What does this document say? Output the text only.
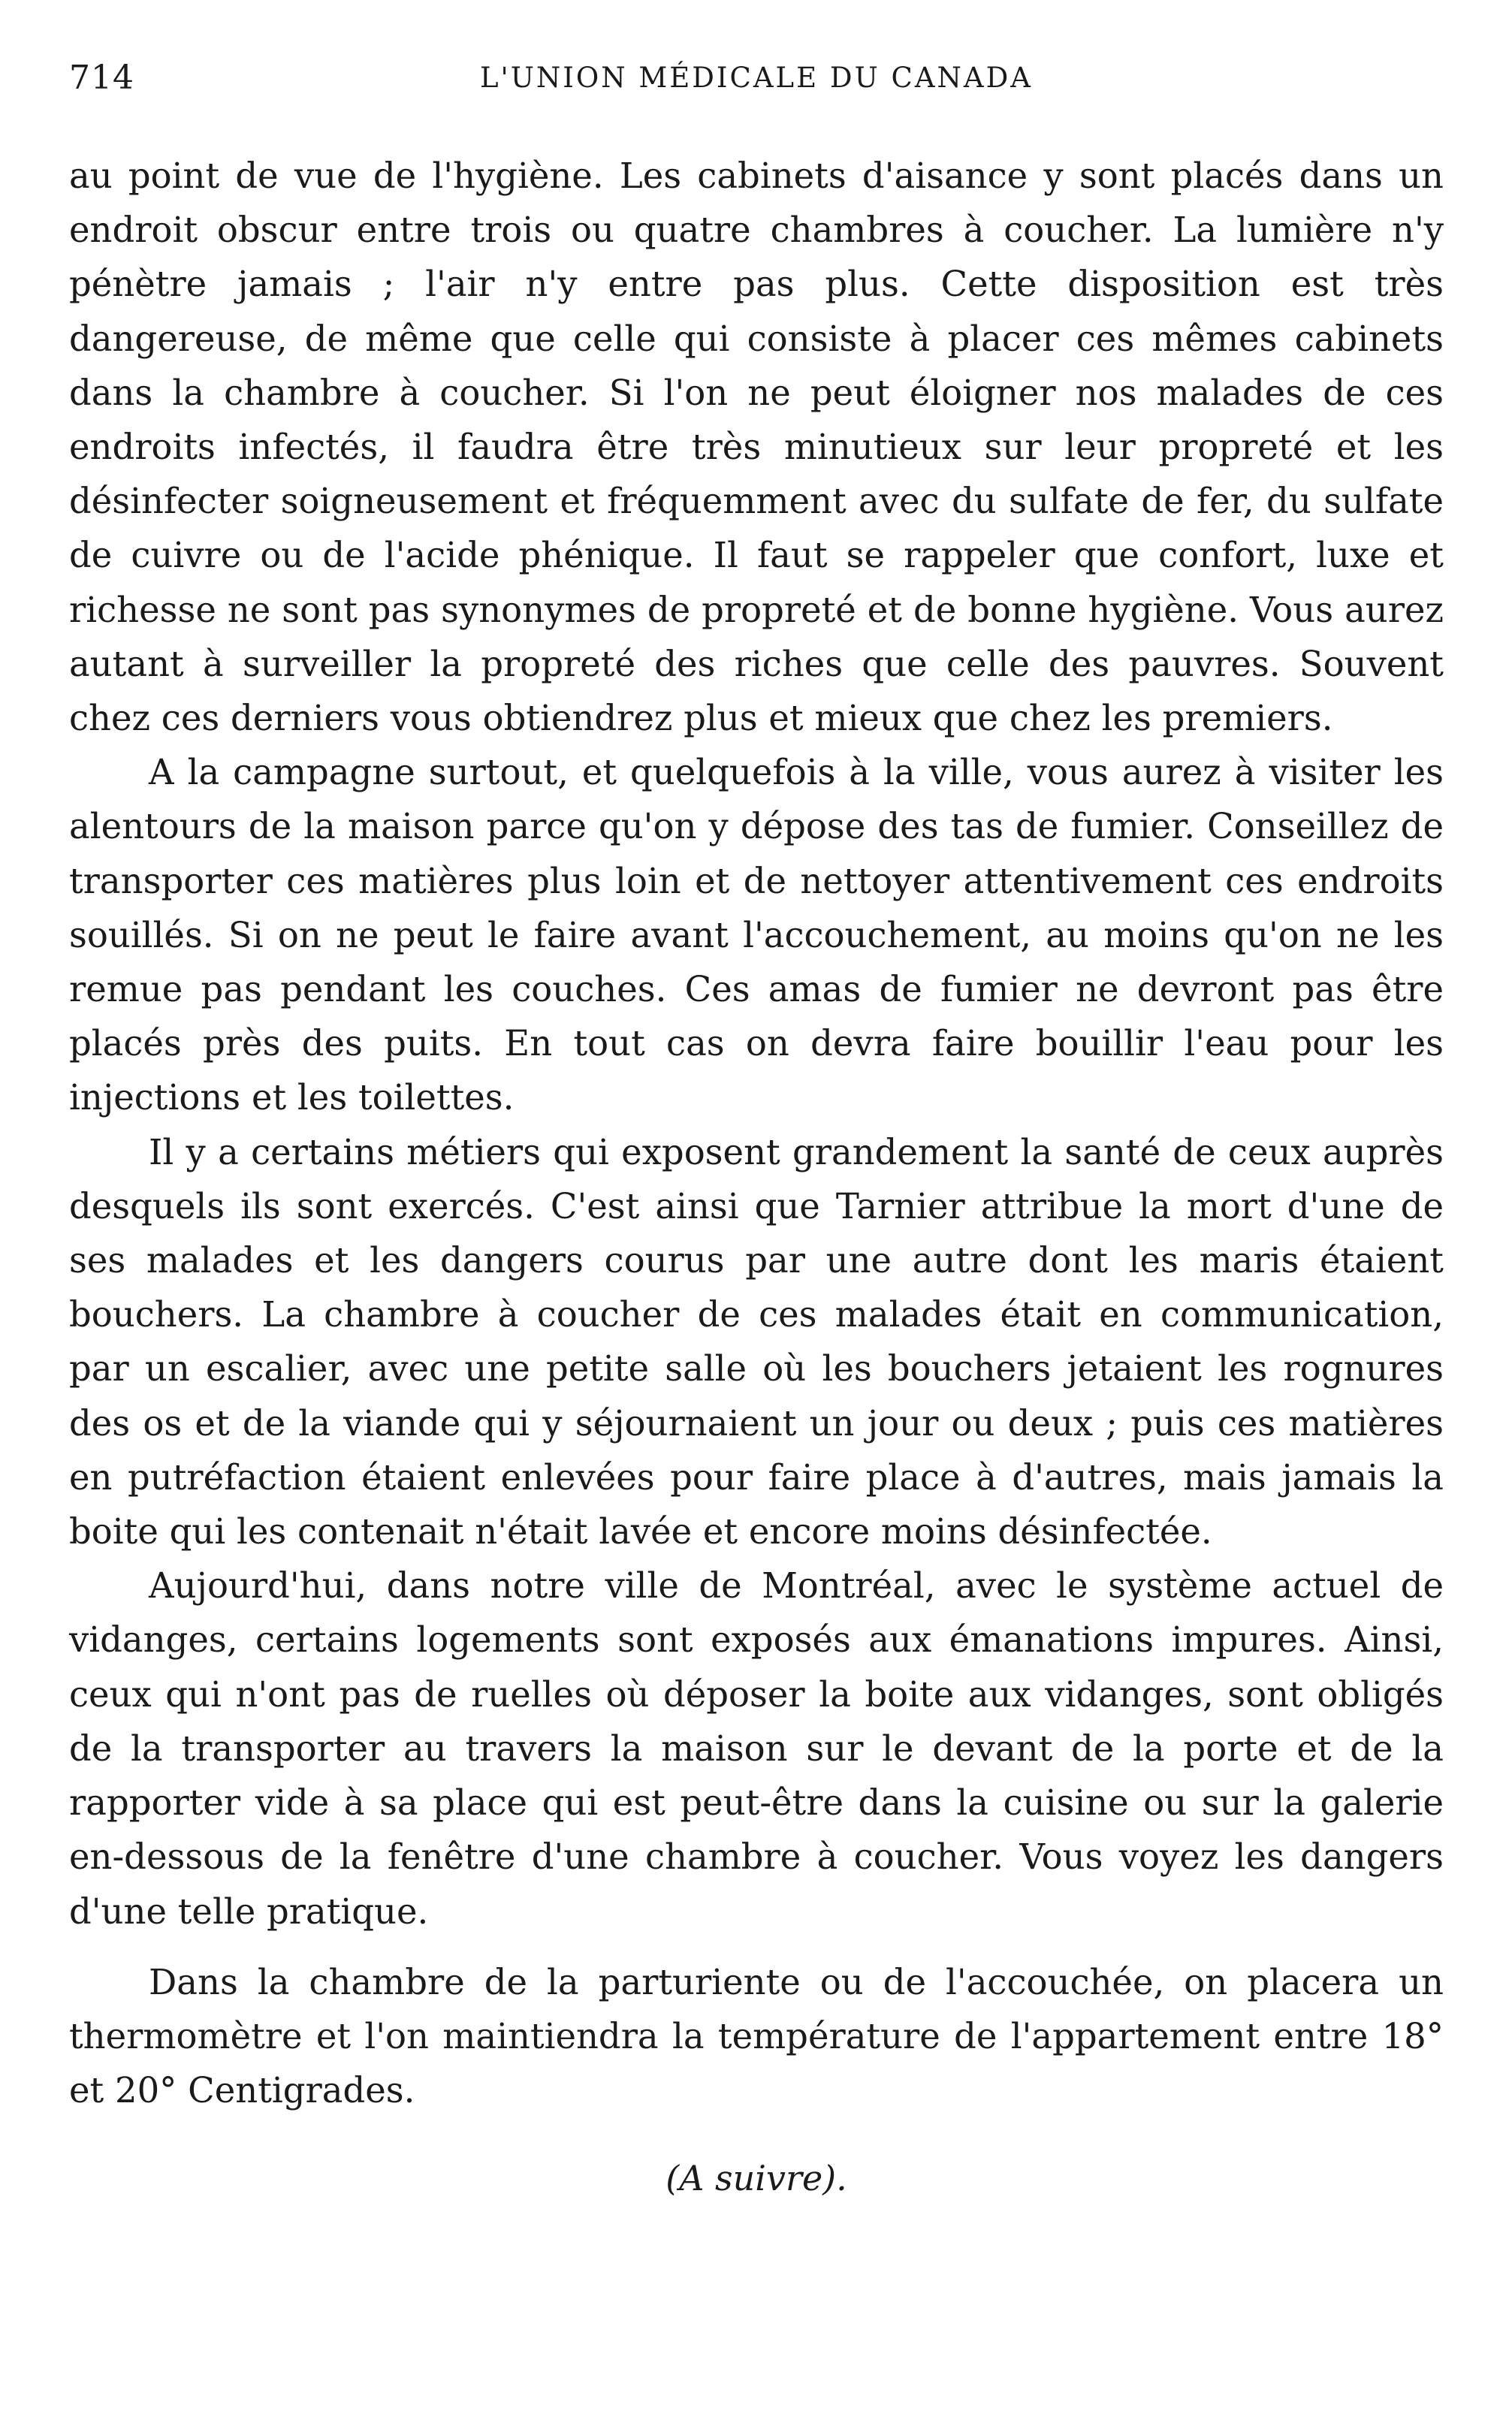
714	L'UNION MÉDICALE DU CANADA

au point de vue de l'hygiène. Les cabinets d'aisance y sont placés dans un endroit obscur entre trois ou quatre chambres à coucher. La lumière n'y pénètre jamais ; l'air n'y entre pas plus. Cette disposition est très dangereuse, de même que celle qui consiste à placer ces mêmes cabinets dans la chambre à coucher. Si l'on ne peut éloigner nos malades de ces endroits infectés, il faudra être très minutieux sur leur propreté et les désinfecter soigneusement et fréquemment avec du sulfate de fer, du sulfate de cuivre ou de l'acide phénique. Il faut se rappeler que confort, luxe et richesse ne sont pas synonymes de propreté et de bonne hygiène. Vous aurez autant à surveiller la propreté des riches que celle des pauvres. Souvent chez ces derniers vous obtiendrez plus et mieux que chez les premiers.

A la campagne surtout, et quelquefois à la ville, vous aurez à visiter les alentours de la maison parce qu'on y dépose des tas de fumier. Conseillez de transporter ces matières plus loin et de nettoyer attentivement ces endroits souillés. Si on ne peut le faire avant l'accouchement, au moins qu'on ne les remue pas pendant les couches. Ces amas de fumier ne devront pas être placés près des puits. En tout cas on devra faire bouillir l'eau pour les injections et les toilettes.

Il y a certains métiers qui exposent grandement la santé de ceux auprès desquels ils sont exercés. C'est ainsi que Tarnier attribue la mort d'une de ses malades et les dangers courus par une autre dont les maris étaient bouchers. La chambre à coucher de ces malades était en communication, par un escalier, avec une petite salle où les bouchers jetaient les rognures des os et de la viande qui y séjournaient un jour ou deux ; puis ces matières en putréfaction étaient enlevées pour faire place à d'autres, mais jamais la boite qui les contenait n'était lavée et encore moins désinfectée.

Aujourd'hui, dans notre ville de Montréal, avec le système actuel de vidanges, certains logements sont exposés aux émanations impures. Ainsi, ceux qui n'ont pas de ruelles où déposer la boite aux vidanges, sont obligés de la transporter au travers la maison sur le devant de la porte et de la rapporter vide à sa place qui est peut-être dans la cuisine ou sur la galerie en-dessous de la fenêtre d'une chambre à coucher. Vous voyez les dangers d'une telle pratique.

Dans la chambre de la parturiente ou de l'accouchée, on placera un thermomètre et l'on maintiendra la température de l'appartement entre 18° et 20° Centigrades.

(A suivre).
